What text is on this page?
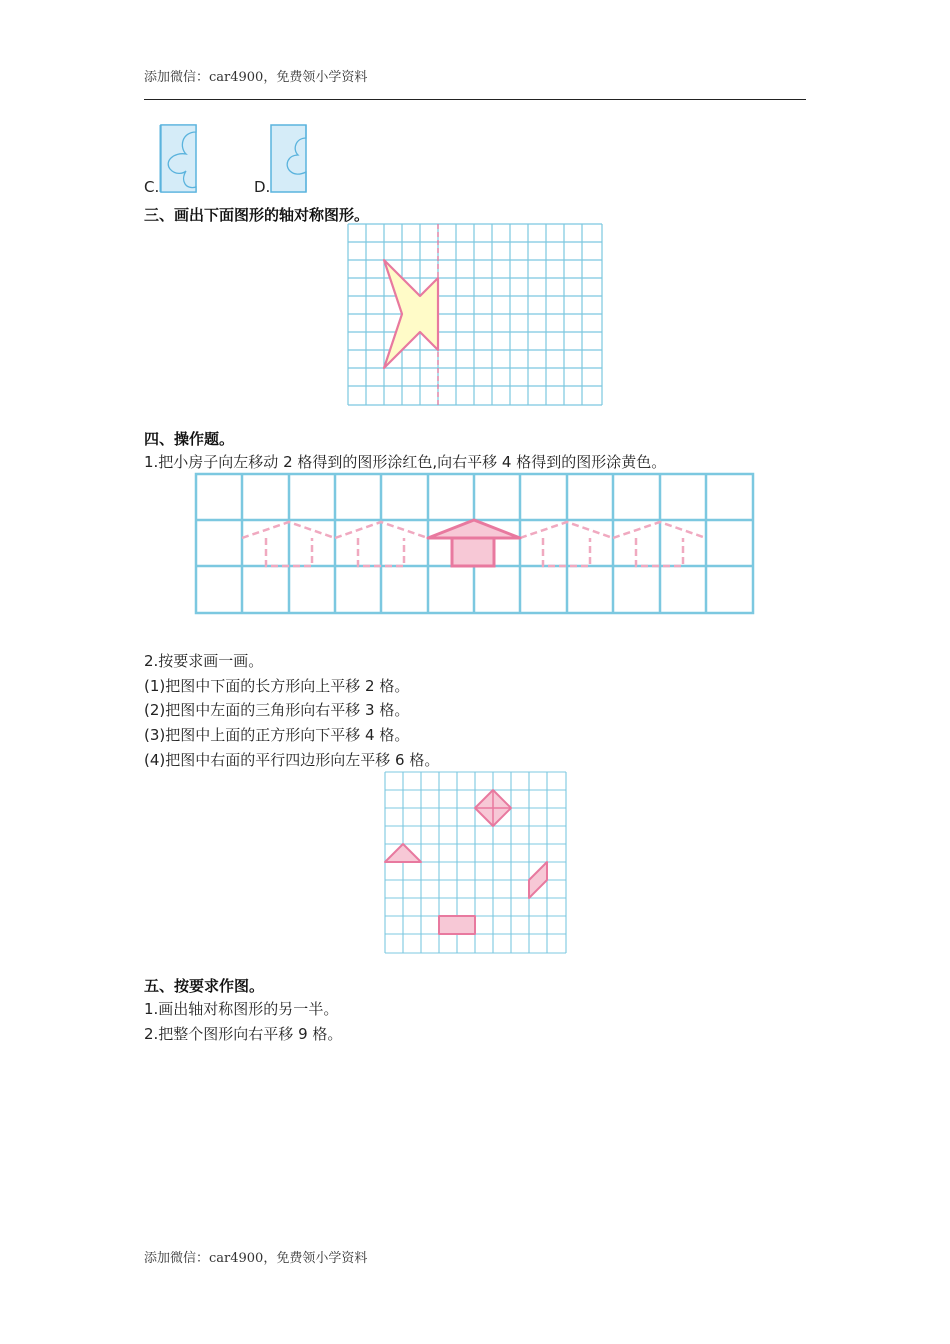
添加微信：car4900，免费领小学资料
C.	D.
三、画出下面图形的轴对称图形。
四、操作题。
1.把小房子向左移动 2 格得到的图形涂红色,向右平移 4 格得到的图形涂黄色。
2.按要求画一画。
(1)把图中下面的长方形向上平移 2 格。
(2)把图中左面的三角形向右平移 3 格。
(3)把图中上面的正方形向下平移 4 格。
(4)把图中右面的平行四边形向左平移 6 格。
五、按要求作图。
1.画出轴对称图形的另一半。
2.把整个图形向右平移 9 格。
添加微信：car4900，免费领小学资料
